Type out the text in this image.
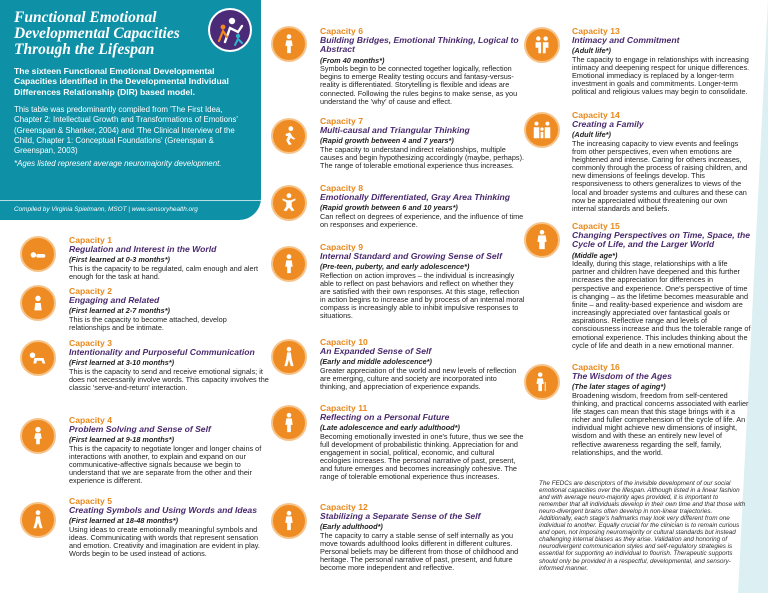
Functional Emotional Developmental Capacities Through the Lifespan

The sixteen Functional Emotional Developmental Capacities identified in the Developmental Individual Differences Relationship (DIR) based model.

This table was predominantly compiled from 'The First Idea, Chapter 2: Intellectual Growth and Transformations of Emotions' (Greenspan & Shanker, 2004) and 'The Clinical Interview of the Child, Chapter 1: Conceptual Foundations' (Greenspan & Greenspan, 2003)

*Ages listed represent average neuromajority development.

Compiled by Virginia Spielmann, MSOT | www.sensoryhealth.org
Capacity 1
Regulation and Interest in the World
(First learned at 0-3 months*)
This is the capacity to be regulated, calm enough and alert enough for the task at hand.
Capacity 2
Engaging and Related
(First learned at 2-7 months*)
This is the capacity to become attached, develop relationships and be intimate.
Capacity 3
Intentionality and Purposeful Communication
(First learned at 3-10 months*)
This is the capacity to send and receive emotional signals; it does not necessarily involve words. This capacity involves the classic 'serve-and-return' interaction.
Capacity 4
Problem Solving and Sense of Self
(First learned at 9-18 months*)
This is the capacity to negotiate longer and longer chains of interactions with another, to explain and expand on our communicative-affective signals because we begin to understand that we are separate from the other and their experience is different.
Capacity 5
Creating Symbols and Using Words and Ideas
(First learned at 18-48 months*)
Using ideas to create emotionally meaningful symbols and ideas. Communicating with words that represent sensation and emotion. Creativity and imagination are evident in play. Words begin to be used instead of actions.
Capacity 6
Building Bridges, Emotional Thinking, Logical to Abstract
(From 40 months*)
Symbols begin to be connected together logically, reflection begins to emerge Reality testing occurs and fantasy-versus-reality is differentiated. Storytelling is flexible and ideas are connected. Following the rules begins to make sense, as you understand the 'why' of cause and effect.
Capacity 7
Multi-causal and Triangular Thinking
(Rapid growth between 4 and 7 years*)
The capacity to understand indirect relationships, multiple causes and begin hypothesizing accordingly (maybe, perhaps). The range of tolerable emotional experience thus increases.
Capacity 8
Emotionally Differentiated, Gray Area Thinking
(Rapid growth between 6 and 10 years*)
Can reflect on degrees of experience, and the influence of time on responses and experience.
Capacity 9
Internal Standard and Growing Sense of Self
(Pre-teen, puberty, and early adolescence*)
Reflection on action improves – the individual is increasingly able to reflect on past behaviors and reflect on whether they are satisfied with their own responses. At this stage, reflection in action begins to increase and by process of an internal moral compass is increasingly able to inhibit impulsive responses to situations.
Capacity 10
An Expanded Sense of Self
(Early and middle adolescence*)
Greater appreciation of the world and new levels of reflection are emerging, culture and society are incorporated into thinking, and appreciation of experience expands.
Capacity 11
Reflecting on a Personal Future
(Late adolescence and early adulthood*)
Becoming emotionally invested in one's future, thus we see the full development of probabilistic thinking. Appreciation for and engagement in social, political, economic, and cultural ecologies increases. The personal narrative of past, present, and future emerges and becomes increasingly cohesive. The range of tolerable emotional experience thus increases.
Capacity 12
Stabilizing a Separate Sense of the Self
(Early adulthood*)
The capacity to carry a stable sense of self internally as you move towards adulthood looks different in different cultures. Personal beliefs may be different from those of childhood and heritage. The personal narrative of past, present, and future become more independent and reflective.
Capacity 13
Intimacy and Commitment
(Adult life*)
The capacity to engage in relationships with increasing intimacy and deepening respect for unique differences. Emotional immediacy is replaced by a longer-term investment in goals and commitments. Longer-term political and religious values may begin to consolidate.
Capacity 14
Creating a Family
(Adult life*)
The increasing capacity to view events and feelings from other perspectives, even when emotions are heightened and intense. Caring for others increases, commonly through the process of raising children, and new dimensions of feelings develop. This responsiveness to others generalizes to views of the local and broader systems and cultures and these can now be appreciated without threatening our own internal standards and beliefs.
Capacity 15
Changing Perspectives on Time, Space, the Cycle of Life, and the Larger World
(Middle age*)
Ideally, during this stage, relationships with a life partner and children have deepened and this further increases the appreciation for differences in perspective and experience. One's perspective of time is changing – as the lifetime becomes measurable and finite – and reality-based experience and wisdom are increasingly appreciated over fantastical goals or aspirations. Reflective range and levels of consciousness increase and thus the tolerable range of emotional experience. This includes thinking about the cycle of life and death in a new emotional manner.
Capacity 16
The Wisdom of the Ages
(The later stages of aging*)
Broadening wisdom, freedom from self-centered thinking, and practical concerns associated with earlier life stages can mean that this stage brings with it a richer and fuller comprehension of the cycle of life. An individual might achieve new dimensions of insight, wisdom and with these an entirely new level of reflective awareness regarding the self, family, relationships, and the world.

The FEDCs are descriptors of the invisible development of our social emotional capacities over the lifespan. Although listed in a linear fashion and with average neuro-majority ages provided, it is important to remember that all individuals develop in their own time and that those with neuro-divergent brains often develop in non-linear trajectories. Additionally, each stage's hallmarks may look very different from one individual to another. Equally crucial for the clinician is to remain curious and open, not imposing neuromajority or cultural standards but instead challenging internal biases as they arise. Validation and honoring of neurodivergent communication styles and self-regulatory strategies is essential for supporting an individual to flourish. Therapeutic supports should only be provided in a respectful, developmental, and sensory-informed manner.
